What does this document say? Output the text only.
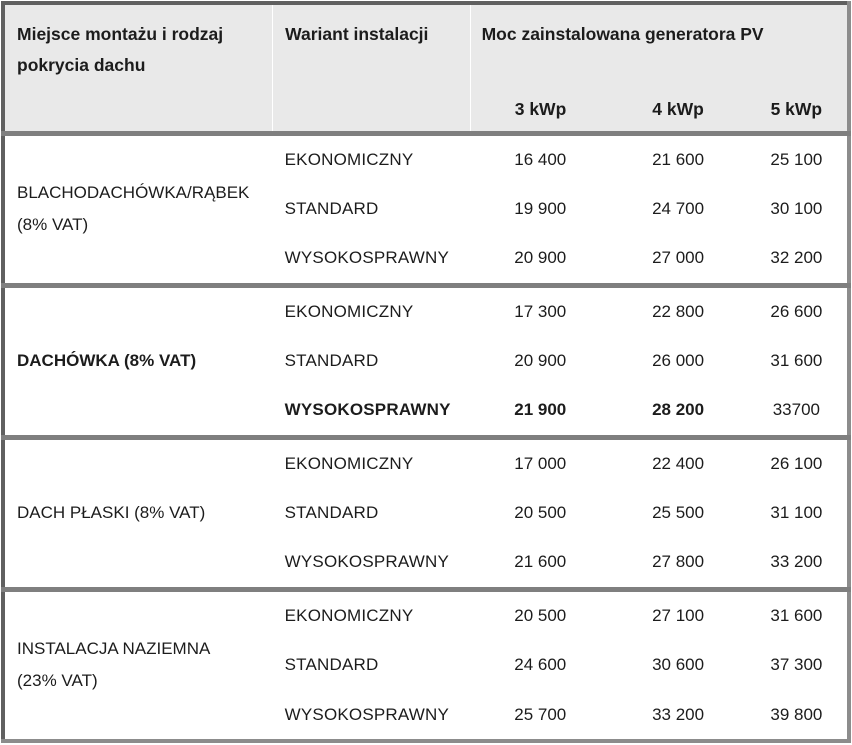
Miejsce montażu i rodzaj pokrycia dachu	Wariant instalacji	Moc zainstalowana generatora PV		
		3 kWp	4 kWp	5 kWp

BLACHODACHÓWKA/RĄBEK
(8% VAT)	EKONOMICZNY	16 400	21 600	25 100
	STANDARD	19 900	24 700	30 100
	WYSOKOSPRAWNY	20 900	27 000	32 200

DACHÓWKA (8% VAT)	EKONOMICZNY	17 300	22 800	26 600
	STANDARD	20 900	26 000	31 600
	WYSOKOSPRAWNY	21 900	28 200	33700

DACH PŁASKI (8% VAT)	EKONOMICZNY	17 000	22 400	26 100
	STANDARD	20 500	25 500	31 100
	WYSOKOSPRAWNY	21 600	27 800	33 200

INSTALACJA NAZIEMNA
(23% VAT)	EKONOMICZNY	20 500	27 100	31 600
	STANDARD	24 600	30 600	37 300
	WYSOKOSPRAWNY	25 700	33 200	39 800
